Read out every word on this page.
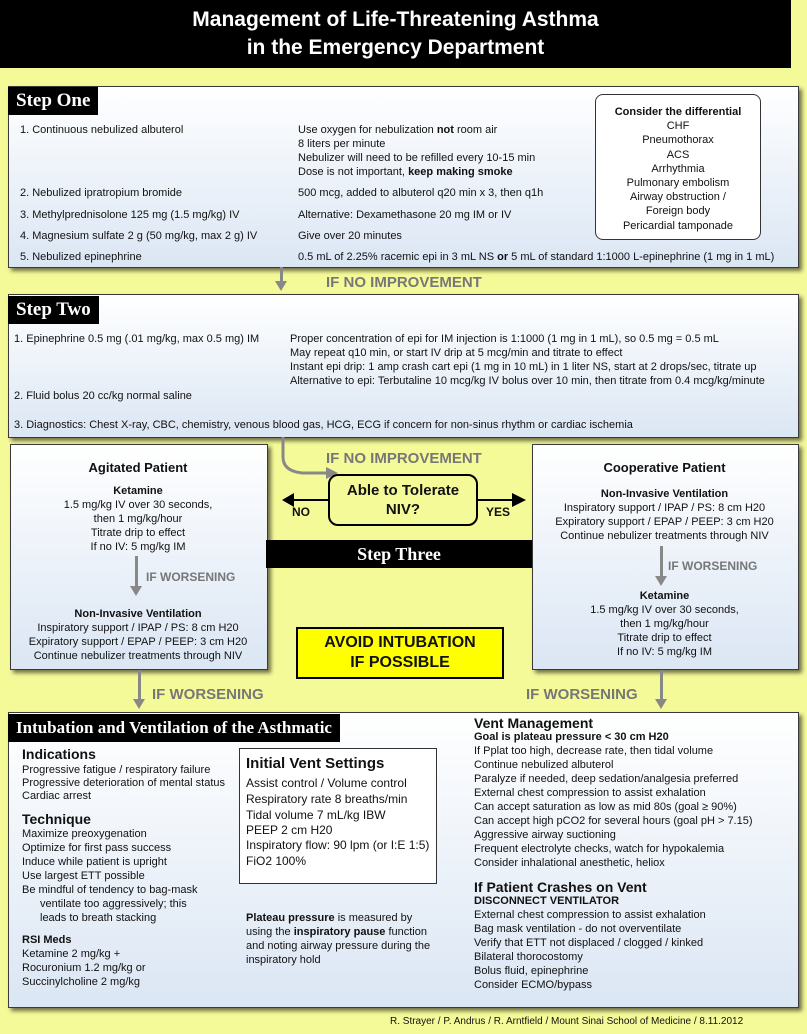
Management of Life-Threatening Asthma
in the Emergency Department
Step One
1. Continuous nebulized albuterol	Use oxygen for nebulization not room air
8 liters per minute
Nebulizer will need to be refilled every 10-15 min
Dose is not important, keep making smoke
2. Nebulized ipratropium bromide	500 mcg, added to albuterol q20 min x 3, then q1h
3. Methylprednisolone 125 mg (1.5 mg/kg) IV	Alternative: Dexamethasone 20 mg IM or IV
4. Magnesium sulfate 2 g (50 mg/kg, max 2 g) IV	Give over 20 minutes
5. Nebulized epinephrine	0.5 mL of 2.25% racemic epi in 3 mL NS or 5 mL of standard 1:1000 L-epinephrine (1 mg in 1 mL)
Consider the differential
CHF
Pneumothorax
ACS
Arrhythmia
Pulmonary embolism
Airway obstruction /
Foreign body
Pericardial tamponade
IF NO IMPROVEMENT
Step Two
1. Epinephrine 0.5 mg (.01 mg/kg, max 0.5 mg) IM	Proper concentration of epi for IM injection is 1:1000 (1 mg in 1 mL), so 0.5 mg = 0.5 mL
May repeat q10 min, or start IV drip at 5 mcg/min and titrate to effect
Instant epi drip: 1 amp crash cart epi (1 mg in 10 mL) in 1 liter NS, start at 2 drops/sec, titrate up
Alternative to epi: Terbutaline 10 mcg/kg IV bolus over 10 min, then titrate from 0.4 mcg/kg/minute
2. Fluid bolus 20 cc/kg normal saline
3. Diagnostics: Chest X-ray, CBC, chemistry, venous blood gas, HCG, ECG if concern for non-sinus rhythm or cardiac ischemia
IF NO IMPROVEMENT
Agitated Patient
Ketamine
1.5 mg/kg IV over 30 seconds,
then 1 mg/kg/hour
Titrate drip to effect
If no IV: 5 mg/kg IM
IF WORSENING
Non-Invasive Ventilation
Inspiratory support / IPAP / PS: 8 cm H20
Expiratory support / EPAP / PEEP: 3 cm H20
Continue nebulizer treatments through NIV
Cooperative Patient
Non-Invasive Ventilation
Inspiratory support / IPAP / PS: 8 cm H20
Expiratory support / EPAP / PEEP: 3 cm H20
Continue nebulizer treatments through NIV
IF WORSENING
Ketamine
1.5 mg/kg IV over 30 seconds,
then 1 mg/kg/hour
Titrate drip to effect
If no IV: 5 mg/kg IM
NO	YES
Able to Tolerate
NIV?
Step Three
AVOID INTUBATION
IF POSSIBLE
IF WORSENING	IF WORSENING
Intubation and Ventilation of the Asthmatic
Indications
Progressive fatigue / respiratory failure
Progressive deterioration of mental status
Cardiac arrest
Technique
Maximize preoxygenation
Optimize for first pass success
Induce while patient is upright
Use largest ETT possible
Be mindful of tendency to bag-mask
ventilate too aggressively; this
leads to breath stacking
RSI Meds
Ketamine 2 mg/kg +
Rocuronium 1.2 mg/kg or
Succinylcholine 2 mg/kg
Initial Vent Settings
Assist control / Volume control
Respiratory rate 8 breaths/min
Tidal volume 7 mL/kg IBW
PEEP 2 cm H20
Inspiratory flow: 90 lpm (or I:E 1:5)
FiO2 100%
Plateau pressure is measured by
using the inspiratory pause function
and noting airway pressure during the
inspiratory hold
Vent Management
Goal is plateau pressure < 30 cm H20
If Pplat too high, decrease rate, then tidal volume
Continue nebulized albuterol
Paralyze if needed, deep sedation/analgesia preferred
External chest compression to assist exhalation
Can accept saturation as low as mid 80s (goal ≥ 90%)
Can accept high pCO2 for several hours (goal pH > 7.15)
Aggressive airway suctioning
Frequent electrolyte checks, watch for hypokalemia
Consider inhalational anesthetic, heliox
If Patient Crashes on Vent
DISCONNECT VENTILATOR
External chest compression to assist exhalation
Bag mask ventilation - do not overventilate
Verify that ETT not displaced / clogged / kinked
Bilateral thorocostomy
Bolus fluid, epinephrine
Consider ECMO/bypass
R. Strayer / P. Andrus / R. Arntfield / Mount Sinai School of Medicine / 8.11.2012
